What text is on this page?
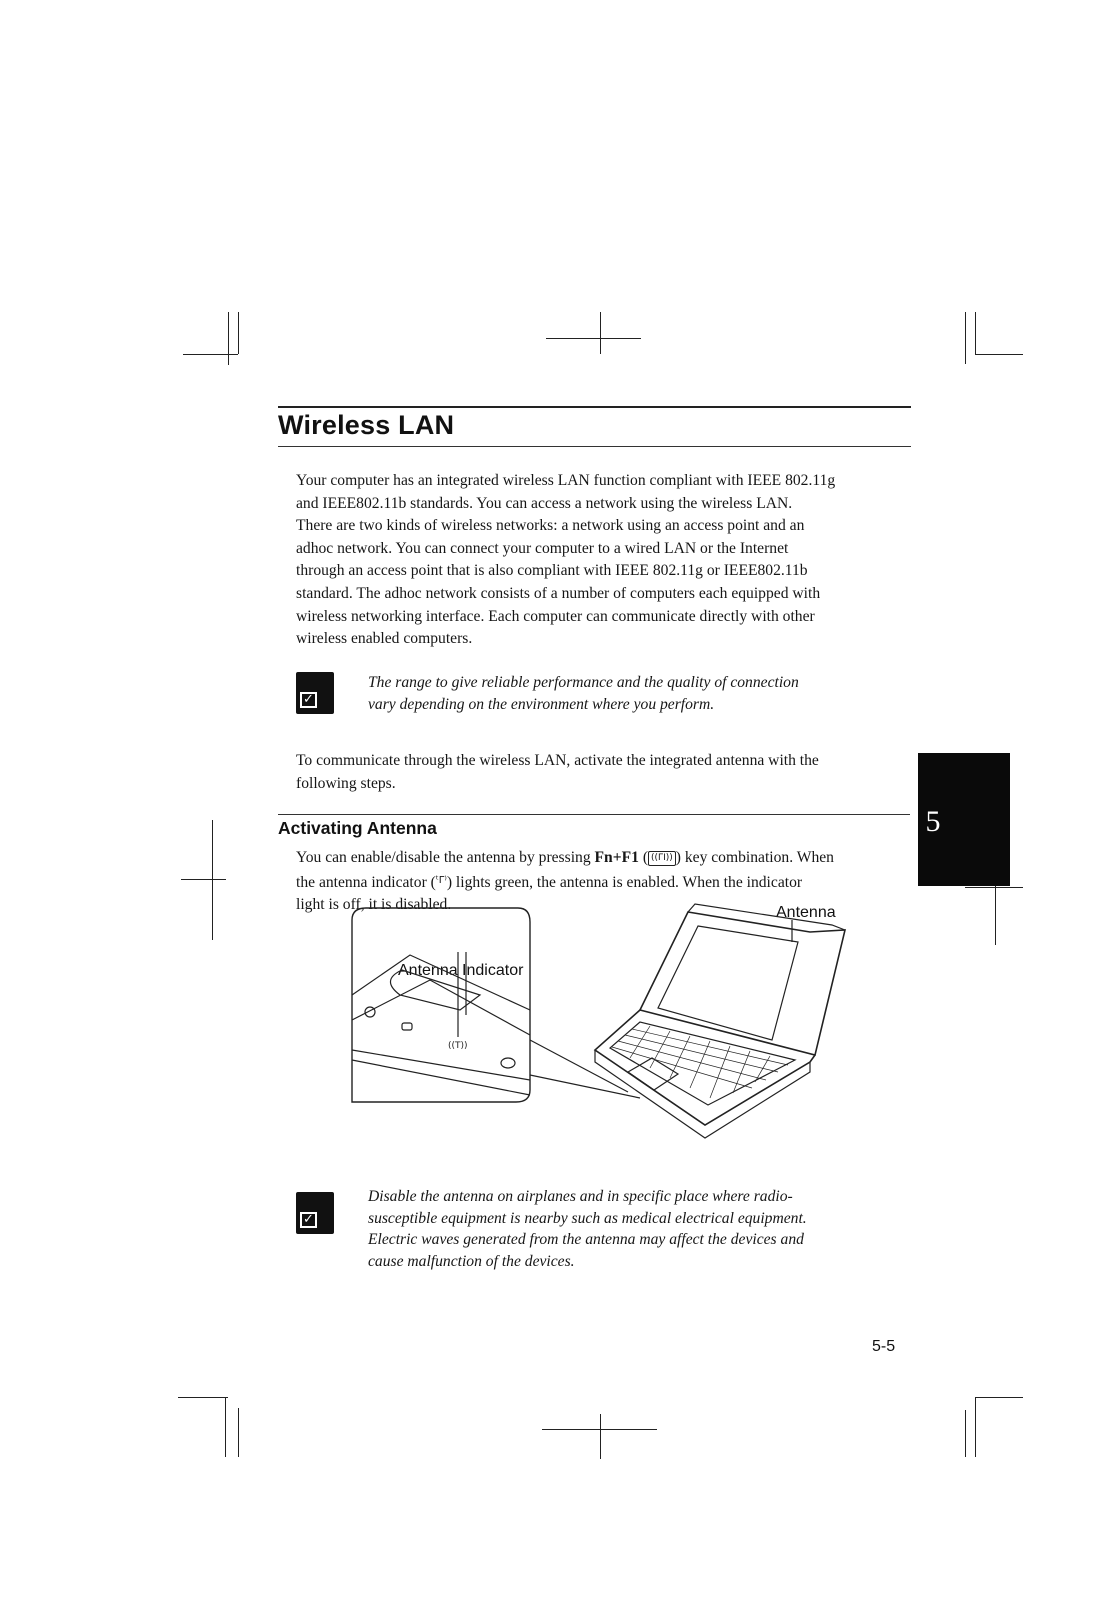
Wireless LAN
Your computer has an integrated wireless LAN function compliant with IEEE 802.11g
and IEEE802.11b standards. You can access a network using the wireless LAN.
There are two kinds of wireless networks: a network using an access point and an
adhoc network. You can connect your computer to a wired LAN or the Internet
through an access point that is also compliant with IEEE 802.11g or IEEE802.11b
standard. The adhoc network consists of a number of computers each equipped with
wireless networking interface. Each computer can communicate directly with other
wireless enabled computers.
✓
The range to give reliable performance and the quality of connection
vary depending on the environment where you perform.
To communicate through the wireless LAN, activate the integrated antenna with the
following steps.
Activating Antenna
You can enable/disable the antenna by pressing Fn+F1 ( ((ΓΙ)) ) key combination. When
the antenna indicator ($^{ᵗ\Gamma^)}$) lights green, the antenna is enabled. When the indicator
light is off, it is disabled.	Antenna
Antenna Indicator
((T))
✓
Disable the antenna on airplanes and in specific place where radio-
susceptible equipment is nearby such as medical electrical equipment.
Electric waves generated from the antenna may affect the devices and
cause malfunction of the devices.
5
5-5
